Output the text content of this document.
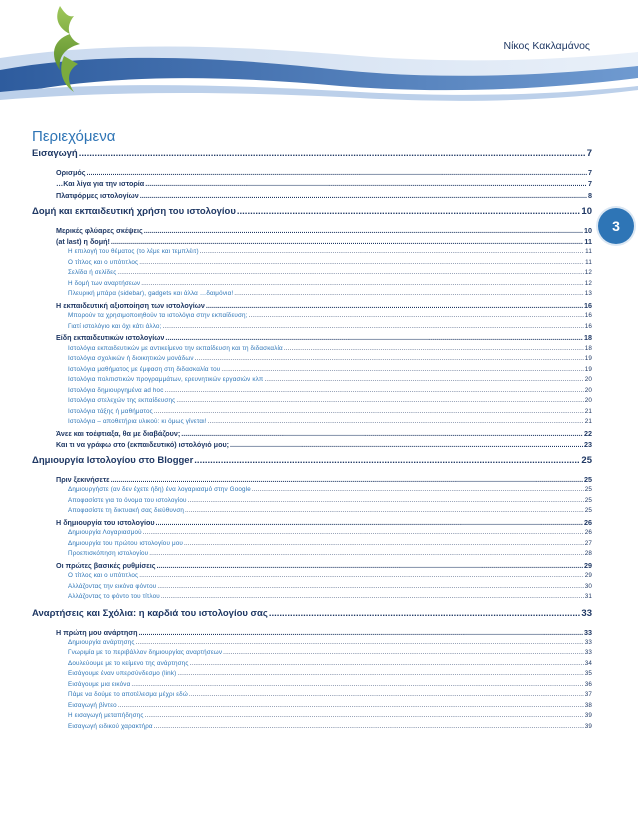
Νίκος Κακλαμάνος
3
Περιεχόμενα
Εισαγωγή .....	7
Ορισμός .....	7
…Και λίγα για την ιστορία .....	7
Πλατφόρμες ιστολογίων .....	8
Δομή και εκπαιδευτική χρήση του ιστολογίου .....	10
Μερικές φλύαρες σκέψεις .....	10
(at last) η δομή! .....	11
Η επιλογή του θέματος (το λέμε και τεμπλέιτ) .....	11
Ο τίτλος και ο υπότιτλος .....	11
Σελίδα ή σελίδες .....	12
Η δομή των αναρτήσεων .....	12
Πλευρική μπάρα (sidebar), gadgets και άλλα …δαιμόνια! .....	13
Η εκπαιδευτική αξιοποίηση των ιστολογίων .....	16
Μπορούν τα χρησιμοποιηθούν τα ιστολόγια στην εκπαίδευση; .....	16
Γιατί ιστολόγιο και όχι κάτι άλλο; .....	16
Είδη εκπαιδευτικών ιστολογίων .....	18
Ιστολόγια εκπαιδευτικών με αντικείμενο την εκπαίδευση και τη διδασκαλία .....	18
Ιστολόγια σχολικών ή διοικητικών μονάδων .....	19
Ιστολόγια μαθήματος με έμφαση στη διδασκαλία του .....	19
Ιστολόγια πολιτιστικών προγραμμάτων, ερευνητικών εργασιών κλπ .....	20
Ιστολόγια δημιουργημένα ad hoc .....	20
Ιστολόγια στελεχών της εκπαίδευσης .....	20
Ιστολόγια τάξης ή μαθήματος .....	21
Ιστολόγια – αποθετήρια υλικού: κι όμως γίνεται! .....	21
Άνεε και τοέφτιαξα, θα με διαβάζουν; .....	22
Και τι να γράφω στο (εκπαιδευτικό) ιστολόγιό μου; .....	23
Δημιουργία Ιστολογίου στο Blogger .....	25
Πριν ξεκινήσετε .....	25
Δημιουργήστε (αν δεν έχετε ήδη) ένα λογαριασμό στην Google .....	25
Αποφασίστε για το όνομα του ιστολογίου .....	25
Αποφασίστε τη δικτυακή σας διεύθυνση .....	25
Η δημιουργία του ιστολογίου .....	26
Δημιουργία Λογαριασμού .....	26
Δημιουργία του πρώτου ιστολογίου μου .....	27
Προεπισκόπηση ιστολογίου .....	28
Οι πρώτες βασικές ρυθμίσεις .....	29
Ο τίτλος και ο υπότιτλος .....	29
Αλλάζοντας την εικόνα φόντου .....	30
Αλλάζοντας το φόντο του τίτλου .....	31
Αναρτήσεις και Σχόλια: η καρδιά του ιστολογίου σας .....	33
Η πρώτη μου ανάρτηση .....	33
Δημιουργία ανάρτησης .....	33
Γνωριμία με το περιβάλλον δημιουργίας αναρτήσεων .....	33
Δουλεύουμε με το κείμενο της ανάρτησης .....	34
Εισάγουμε έναν υπερσύνδεσμο (link) .....	35
Εισάγουμε μια εικόνα .....	36
Πάμε να δούμε το αποτέλεσμα μέχρι εδώ .....	37
Εισαγωγή βίντεο .....	38
Η εισαγωγή μεταπήδησης .....	39
Εισαγωγή ειδικού χαρακτήρα .....	39
